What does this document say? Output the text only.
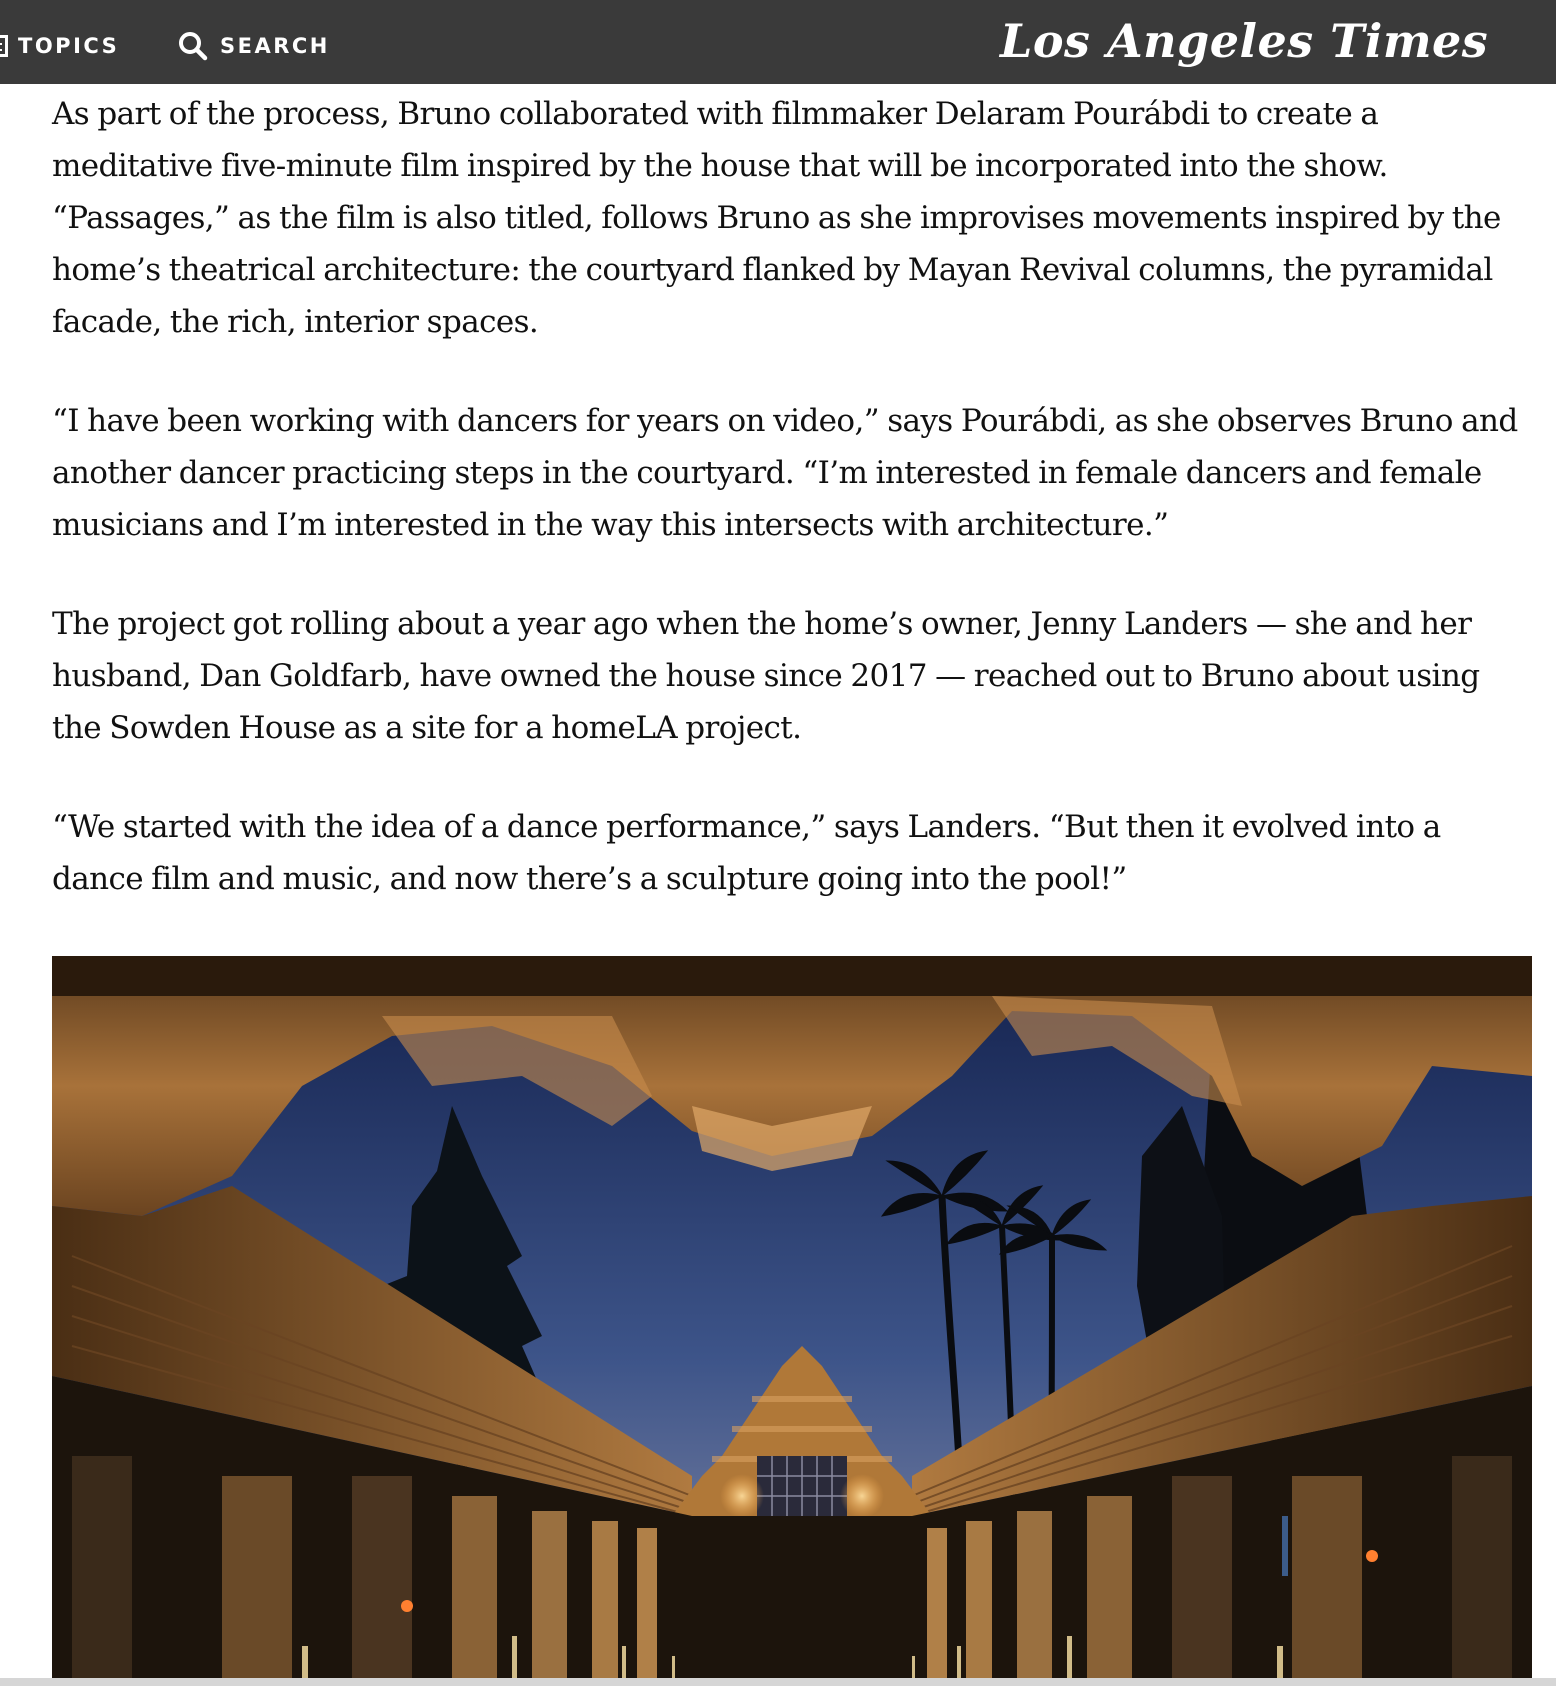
TOPICS	SEARCH	Los Angeles Times

As part of the process, Bruno collaborated with filmmaker Delaram Pourábdi to create a meditative five-minute film inspired by the house that will be incorporated into the show. “Passages,” as the film is also titled, follows Bruno as she improvises movements inspired by the home’s theatrical architecture: the courtyard flanked by Mayan Revival columns, the pyramidal facade, the rich, interior spaces.

“I have been working with dancers for years on video,” says Pourábdi, as she observes Bruno and another dancer practicing steps in the courtyard. “I’m interested in female dancers and female musicians and I’m interested in the way this intersects with architecture.”

The project got rolling about a year ago when the home’s owner, Jenny Landers — she and her husband, Dan Goldfarb, have owned the house since 2017 — reached out to Bruno about using the Sowden House as a site for a homeLA project.

“We started with the idea of a dance performance,” says Landers. “But then it evolved into a dance film and music, and now there’s a sculpture going into the pool!”
